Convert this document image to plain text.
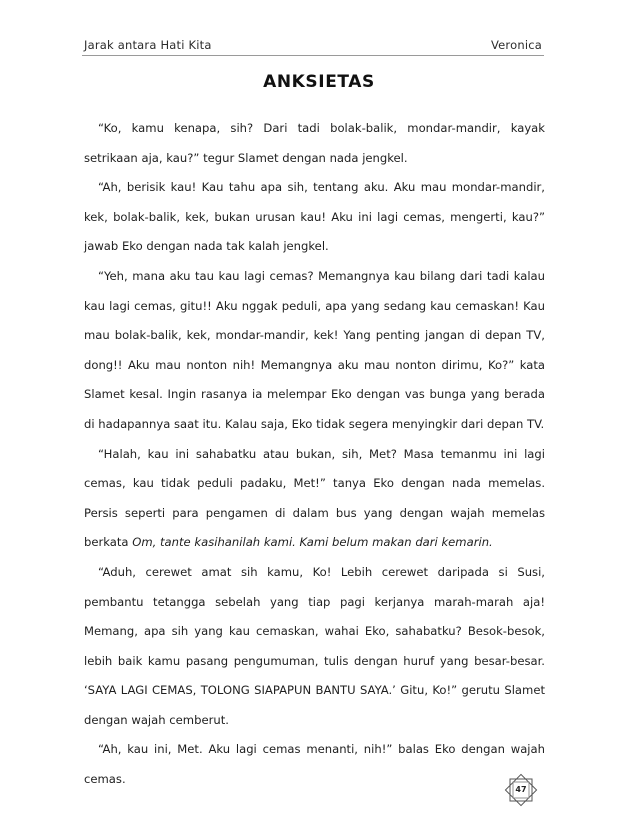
Jarak antara Hati Kita	Veronica
ANKSIETAS

“Ko, kamu kenapa, sih? Dari tadi bolak-balik, mondar-mandir, kayak setrikaan aja, kau?” tegur Slamet dengan nada jengkel.

“Ah, berisik kau! Kau tahu apa sih, tentang aku. Aku mau mondar-mandir, kek, bolak-balik, kek, bukan urusan kau! Aku ini lagi cemas, mengerti, kau?” jawab Eko dengan nada tak kalah jengkel.

“Yeh, mana aku tau kau lagi cemas? Memangnya kau bilang dari tadi kalau kau lagi cemas, gitu!! Aku nggak peduli, apa yang sedang kau cemaskan! Kau mau bolak-balik, kek, mondar-mandir, kek! Yang penting jangan di depan TV, dong!! Aku mau nonton nih! Memangnya aku mau nonton dirimu, Ko?” kata Slamet kesal. Ingin rasanya ia melempar Eko dengan vas bunga yang berada di hadapannya saat itu. Kalau saja, Eko tidak segera menyingkir dari depan TV.

“Halah, kau ini sahabatku atau bukan, sih, Met? Masa temanmu ini lagi cemas, kau tidak peduli padaku, Met!” tanya Eko dengan nada memelas. Persis seperti para pengamen di dalam bus yang dengan wajah memelas berkata Om, tante kasihanilah kami. Kami belum makan dari kemarin.

“Aduh, cerewet amat sih kamu, Ko! Lebih cerewet daripada si Susi, pembantu tetangga sebelah yang tiap pagi kerjanya marah-marah aja! Memang, apa sih yang kau cemaskan, wahai Eko, sahabatku? Besok-besok, lebih baik kamu pasang pengumuman, tulis dengan huruf yang besar-besar. ‘SAYA LAGI CEMAS, TOLONG SIAPAPUN BANTU SAYA.’ Gitu, Ko!” gerutu Slamet dengan wajah cemberut.

“Ah, kau ini, Met. Aku lagi cemas menanti, nih!” balas Eko dengan wajah cemas.

47
